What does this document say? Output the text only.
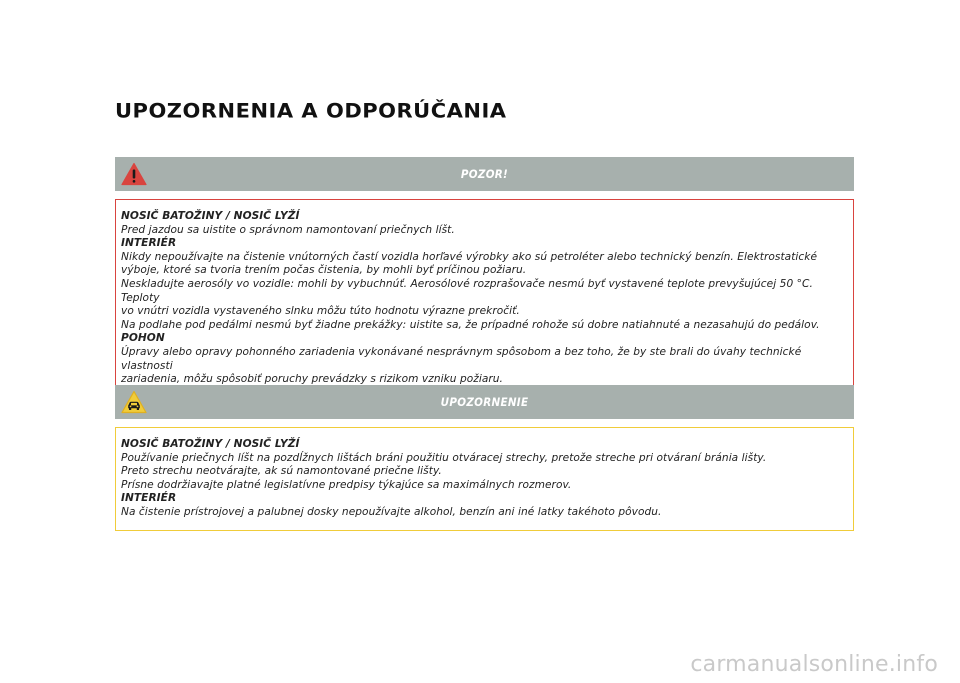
UPOZORNENIA A ODPORÚČANIA
POZOR!
NOSIČ BATOŽINY / NOSIČ LYŽÍ
Pred jazdou sa uistite o správnom namontovaní priečnych líšt.
INTERIÉR
Nikdy nepoužívajte na čistenie vnútorných častí vozidla horľavé výrobky ako sú petroléter alebo technický benzín. Elektrostatické
výboje, ktoré sa tvoria trením počas čistenia, by mohli byť príčinou požiaru.
Neskladujte aerosóly vo vozidle: mohli by vybuchnúť. Aerosólové rozprašovače nesmú byť vystavené teplote prevyšujúcej 50 °C. Teploty
vo vnútri vozidla vystaveného slnku môžu túto hodnotu výrazne prekročiť.
Na podlahe pod pedálmi nesmú byť žiadne prekážky: uistite sa, že prípadné rohože sú dobre natiahnuté a nezasahujú do pedálov.
POHON
Úpravy alebo opravy pohonného zariadenia vykonávané nesprávnym spôsobom a bez toho, že by ste brali do úvahy technické vlastnosti
zariadenia, môžu spôsobiť poruchy prevádzky s rizikom vzniku požiaru.
UPOZORNENIE
NOSIČ BATOŽINY / NOSIČ LYŽÍ
Používanie priečnych líšt na pozdĺžnych lištách bráni použitiu otváracej strechy, pretože streche pri otváraní bránia lišty.
Preto strechu neotvárajte, ak sú namontované priečne lišty.
Prísne dodržiavajte platné legislatívne predpisy týkajúce sa maximálnych rozmerov.
INTERIÉR
Na čistenie prístrojovej a palubnej dosky nepoužívajte alkohol, benzín ani iné latky takéhoto pôvodu.
carmanualsonline.info
